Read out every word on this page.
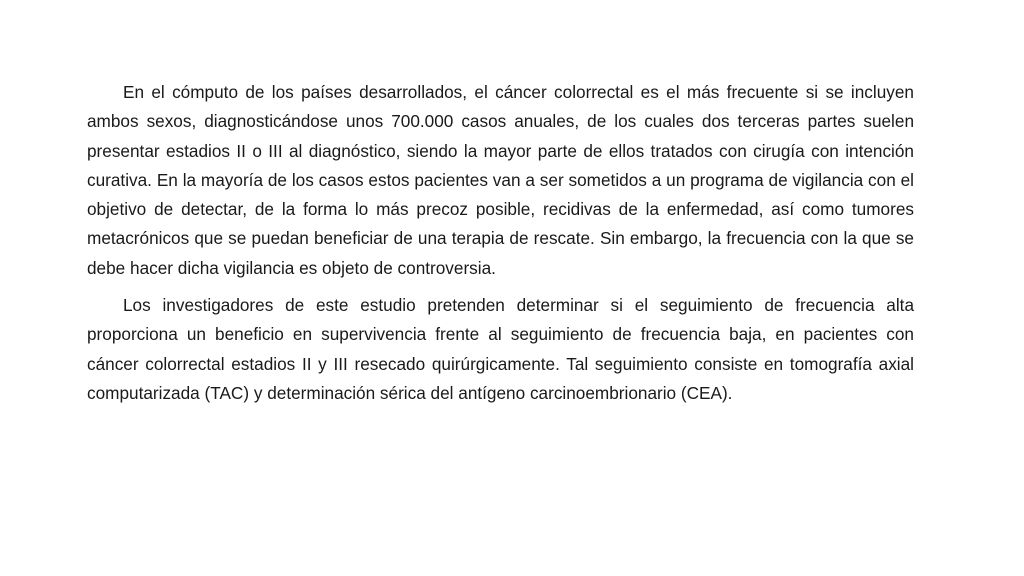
En el cómputo de los países desarrollados, el cáncer colorrectal es el más frecuente si se incluyen ambos sexos, diagnosticándose unos 700.000 casos anuales, de los cuales dos terceras partes suelen presentar estadios II o III al diagnóstico, siendo la mayor parte de ellos tratados con cirugía con intención curativa. En la mayoría de los casos estos pacientes van a ser sometidos a un programa de vigilancia con el objetivo de detectar, de la forma lo más precoz posible, recidivas de la enfermedad, así como tumores metacrónicos que se puedan beneficiar de una terapia de rescate. Sin embargo, la frecuencia con la que se debe hacer dicha vigilancia es objeto de controversia.

Los investigadores de este estudio pretenden determinar si el seguimiento de frecuencia alta proporciona un beneficio en supervivencia frente al seguimiento de frecuencia baja, en pacientes con cáncer colorrectal estadios II y III resecado quirúrgicamente. Tal seguimiento consiste en tomografía axial computarizada (TAC) y determinación sérica del antígeno carcinoembrionario (CEA).
